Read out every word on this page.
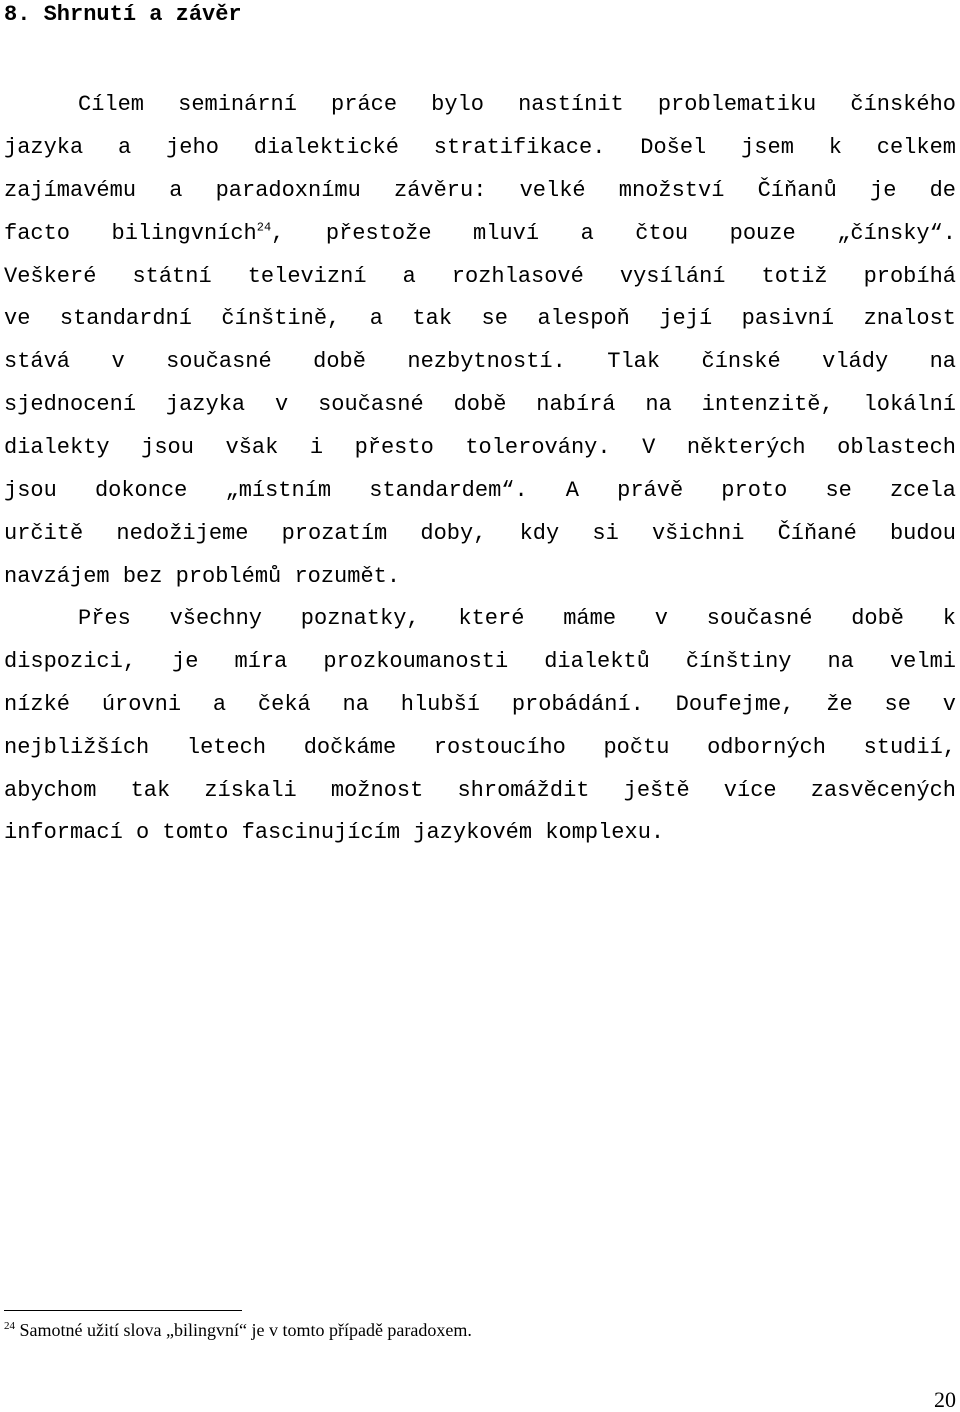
8. Shrnutí a závěr
Cílem seminární práce bylo nastínit problematiku čínského
jazyka a jeho dialektické stratifikace. Došel jsem k celkem
zajímavému a paradoxnímu závěru: velké množství Číňanů je de
facto bilingvních$^{24}$, přestože mluví a čtou pouze „čínsky“.
Veškeré státní televizní a rozhlasové vysílání totiž probíhá
ve standardní čínštině, a tak se alespoň její pasivní znalost
stává v současné době nezbytností. Tlak čínské vlády na
sjednocení jazyka v současné době nabírá na intenzitě, lokální
dialekty jsou však i přesto tolerovány. V některých oblastech
jsou dokonce „místním standardem“. A právě proto se zcela
určitě nedožijeme prozatím doby, kdy si všichni Číňané budou
navzájem bez problémů rozumět.
Přes všechny poznatky, které máme v současné době k
dispozici, je míra prozkoumanosti dialektů čínštiny na velmi
nízké úrovni a čeká na hlubší probádání. Doufejme, že se v
nejbližších letech dočkáme rostoucího počtu odborných studií,
abychom tak získali možnost shromáždit ještě více zasvěcených
informací o tomto fascinujícím jazykovém komplexu.
$^{24}$ Samotné užití slova „bilingvní“ je v tomto případě paradoxem.
20
